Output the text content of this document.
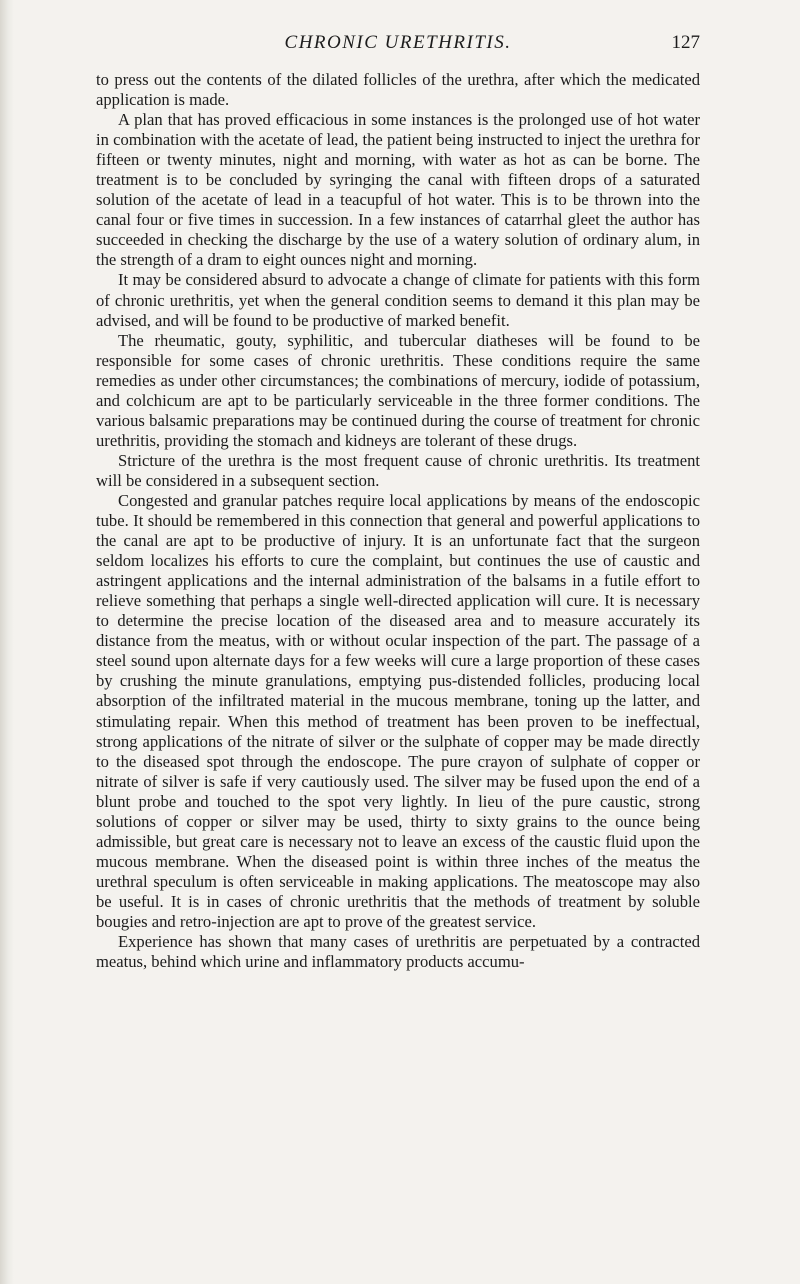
CHRONIC URETHRITIS.	127

to press out the contents of the dilated follicles of the urethra, after which the medicated application is made.

A plan that has proved efficacious in some instances is the prolonged use of hot water in combination with the acetate of lead, the patient being instructed to inject the urethra for fifteen or twenty minutes, night and morning, with water as hot as can be borne. The treatment is to be concluded by syringing the canal with fifteen drops of a saturated solution of the acetate of lead in a teacupful of hot water. This is to be thrown into the canal four or five times in succession. In a few instances of catarrhal gleet the author has succeeded in checking the discharge by the use of a watery solution of ordinary alum, in the strength of a dram to eight ounces night and morning.

It may be considered absurd to advocate a change of climate for patients with this form of chronic urethritis, yet when the general condition seems to demand it this plan may be advised, and will be found to be productive of marked benefit.

The rheumatic, gouty, syphilitic, and tubercular diatheses will be found to be responsible for some cases of chronic urethritis. These conditions require the same remedies as under other circumstances; the combinations of mercury, iodide of potassium, and colchicum are apt to be particularly serviceable in the three former conditions. The various balsamic preparations may be continued during the course of treatment for chronic urethritis, providing the stomach and kidneys are tolerant of these drugs.

Stricture of the urethra is the most frequent cause of chronic urethritis. Its treatment will be considered in a subsequent section.

Congested and granular patches require local applications by means of the endoscopic tube. It should be remembered in this connection that general and powerful applications to the canal are apt to be productive of injury. It is an unfortunate fact that the surgeon seldom localizes his efforts to cure the complaint, but continues the use of caustic and astringent applications and the internal administration of the balsams in a futile effort to relieve something that perhaps a single well-directed application will cure. It is necessary to determine the precise location of the diseased area and to measure accurately its distance from the meatus, with or without ocular inspection of the part. The passage of a steel sound upon alternate days for a few weeks will cure a large proportion of these cases by crushing the minute granulations, emptying pus-distended follicles, producing local absorption of the infiltrated material in the mucous membrane, toning up the latter, and stimulating repair. When this method of treatment has been proven to be ineffectual, strong applications of the nitrate of silver or the sulphate of copper may be made directly to the diseased spot through the endoscope. The pure crayon of sulphate of copper or nitrate of silver is safe if very cautiously used. The silver may be fused upon the end of a blunt probe and touched to the spot very lightly. In lieu of the pure caustic, strong solutions of copper or silver may be used, thirty to sixty grains to the ounce being admissible, but great care is necessary not to leave an excess of the caustic fluid upon the mucous membrane. When the diseased point is within three inches of the meatus the urethral speculum is often serviceable in making applications. The meatoscope may also be useful. It is in cases of chronic urethritis that the methods of treatment by soluble bougies and retro-injection are apt to prove of the greatest service.

Experience has shown that many cases of urethritis are perpetuated by a contracted meatus, behind which urine and inflammatory products accumu-
